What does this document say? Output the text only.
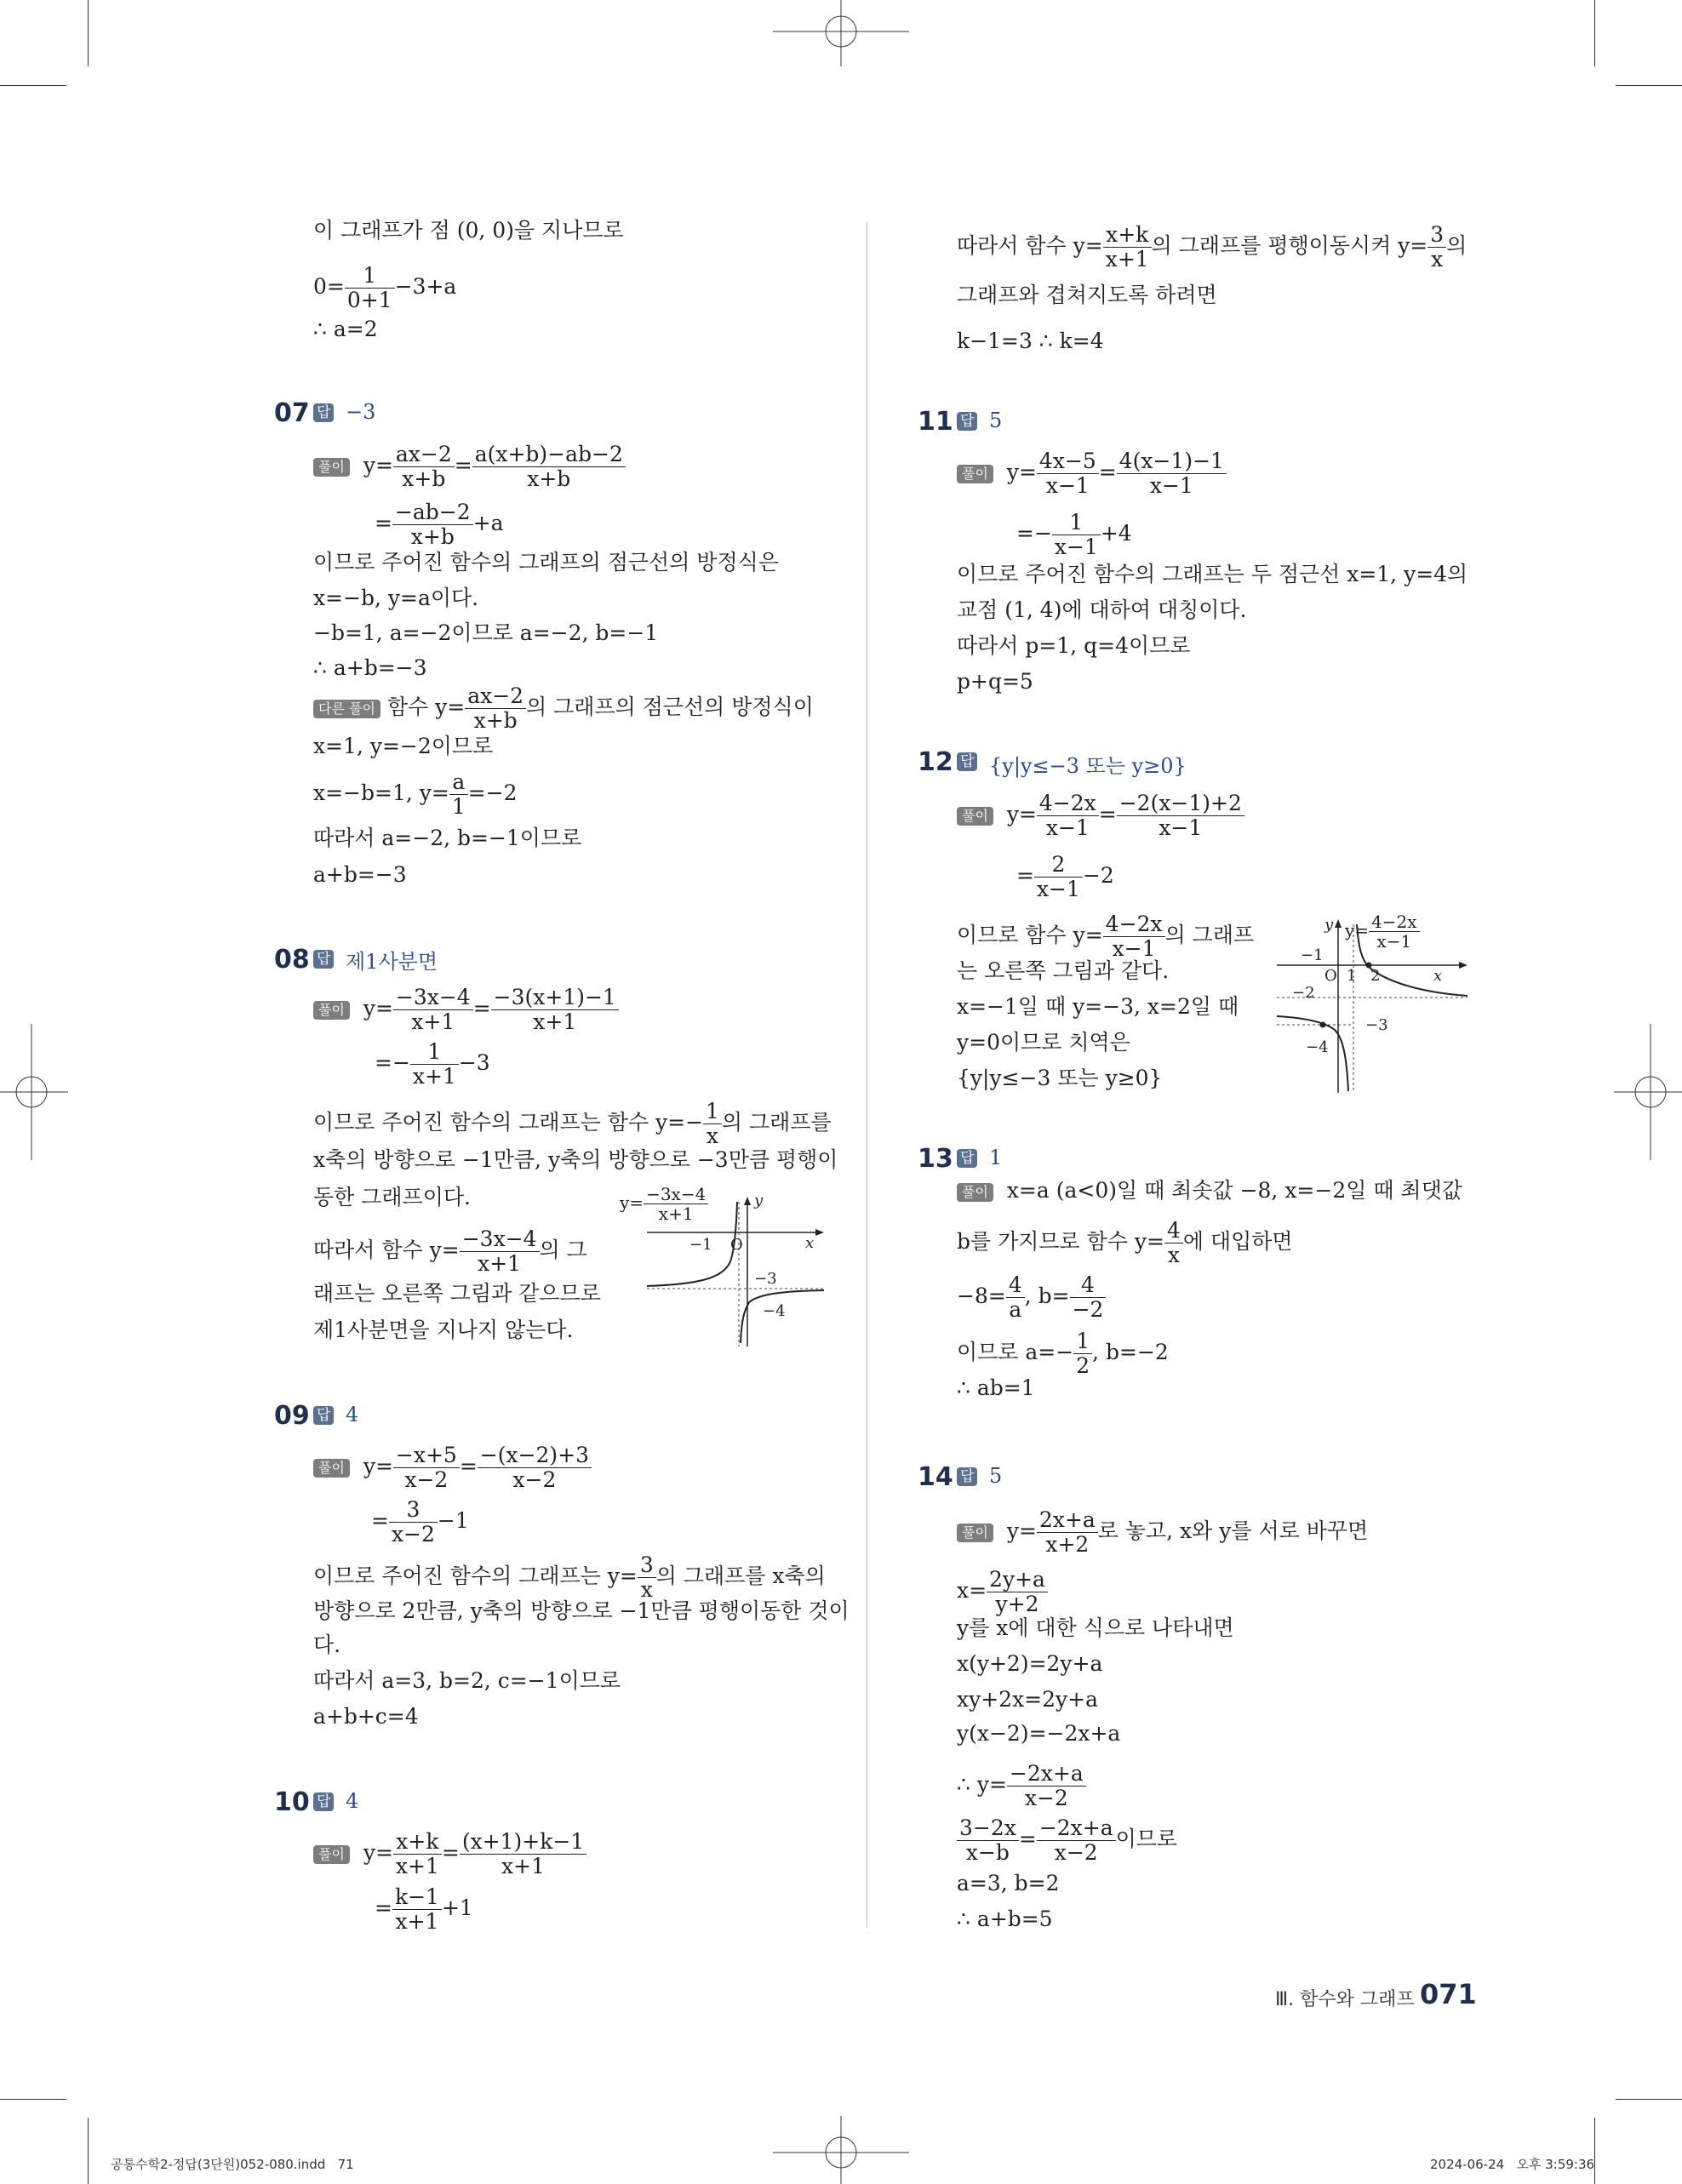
이 그래프가 점 (0, 0)을 지나므로
$0= \frac{1}{0+1} -3+a$
∴ a=2
07 답 −3
풀이 $y= \frac{ax-2}{x+b} = \frac{a(x+b)-ab-2}{x+b}$
= $\frac{-ab-2}{x+b} +a$
이므로 주어진 함수의 그래프의 점근선의 방정식은
x=−b, y=a이다.
−b=1, a=−2이므로 a=−2, b=−1
∴ a+b=−3
다른 풀이 함수 $y= \frac{ax-2}{x+b}$ 의 그래프의 점근선의 방정식이
x=1, y=−2이므로
x=−b=1, $y= \frac{a}{1} =-2$
따라서 a=−2, b=−1이므로
a+b=−3
08 답 제1사분면
풀이 $y= \frac{-3x-4}{x+1} = \frac{-3(x+1)-1}{x+1}$
=− $\frac{1}{x+1} -3$
이므로 주어진 함수의 그래프는 함수 $y=- \frac{1}{x}$ 의 그래프를
x축의 방향으로 −1만큼, y축의 방향으로 −3만큼 평행이
동한 그래프이다.
따라서 함수 $y= \frac{-3x-4}{x+1}$ 의 그
래프는 오른쪽 그림과 같으므로
제1사분면을 지나지 않는다.
$y= \frac{-3x-4}{x+1}$	y
x
O
−1
−3
−4
09 답 4
풀이 $y= \frac{-x+5}{x-2} = \frac{-(x-2)+3}{x-2}$
= $\frac{3}{x-2} -1$
이므로 주어진 함수의 그래프는 $y= \frac{3}{x}$ 의 그래프를 x축의
방향으로 2만큼, y축의 방향으로 −1만큼 평행이동한 것이
다.
따라서 a=3, b=2, c=−1이므로
a+b+c=4
10 답 4
풀이 $y= \frac{x+k}{x+1} = \frac{(x+1)+k-1}{x+1}$
= $\frac{k-1}{x+1} +1$
따라서 함수 $y= \frac{x+k}{x+1}$ 의 그래프를 평행이동시켜 $y= \frac{3}{x}$ 의
그래프와 겹쳐지도록 하려면
k−1=3 ∴ k=4
11 답 5
풀이 $y= \frac{4x-5}{x-1} = \frac{4(x-1)-1}{x-1}$
=− $\frac{1}{x-1} +4$
이므로 주어진 함수의 그래프는 두 점근선 x=1, y=4의
교점 (1, 4)에 대하여 대칭이다.
따라서 p=1, q=4이므로
p+q=5
12 답 {y|y≤−3 또는 y≥0}
풀이 $y= \frac{4-2x}{x-1} = \frac{-2(x-1)+2}{x-1}$
= $\frac{2}{x-1} -2$
이므로 함수 $y= \frac{4-2x}{x-1}$ 의 그래프
는 오른쪽 그림과 같다.
x=−1일 때 y=−3, x=2일 때
y=0이므로 치역은
{y|y≤−3 또는 y≥0}
$y= \frac{4-2x}{x-1}$
y
x
O 1 2
−1
−2
−3
−4
13 답 1
풀이 x=a (a<0)일 때 최솟값 −8, x=−2일 때 최댓값
b를 가지므로 함수 $y= \frac{4}{x}$ 에 대입하면
$-8= \frac{4}{a}$ , $b= \frac{4}{-2}$
이므로 $a=- \frac{1}{2}$ , b=−2
∴ ab=1
14 답 5
풀이 $y= \frac{2x+a}{x+2}$ 로 놓고, x와 y를 서로 바꾸면
$x= \frac{2y+a}{y+2}$
y를 x에 대한 식으로 나타내면
x(y+2)=2y+a
xy+2x=2y+a
y(x−2)=−2x+a
∴ $y= \frac{-2x+a}{x-2}$
$\frac{3-2x}{x-b} = \frac{-2x+a}{x-2}$ 이므로
a=3, b=2
∴ a+b=5
Ⅲ. 함수와 그래프 071
공통수학2-정답(3단원)052-080.indd   71	2024-06-24   오후 3:59:36
